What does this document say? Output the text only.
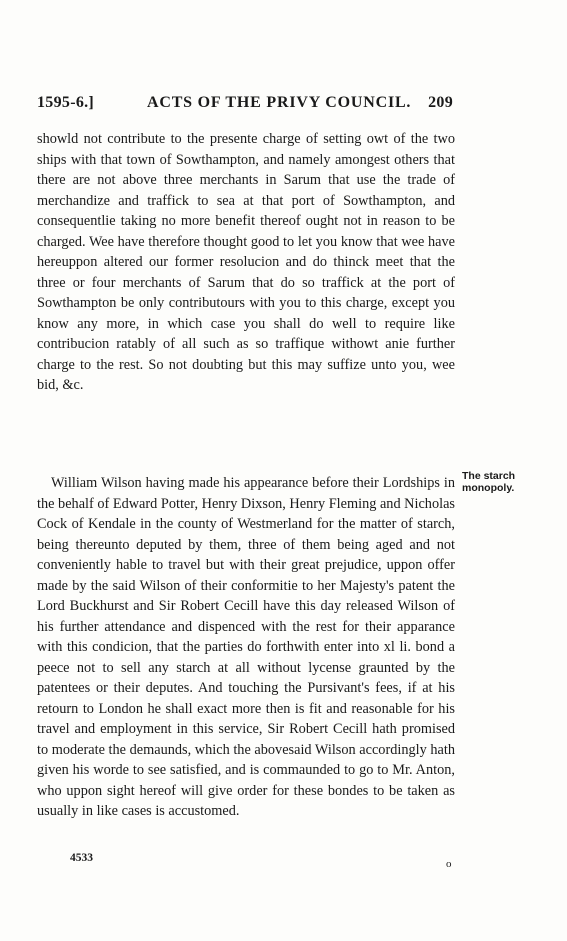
1595-6.]	ACTS OF THE PRIVY COUNCIL. 209

showld not contribute to the presente charge of setting owt of the two ships with that town of Sowthampton, and namely amongest others that there are not above three merchants in Sarum that use the trade of merchandize and traffick to sea at that port of Sowthampton, and consequentlie taking no more benefit thereof ought not in reason to be charged. Wee have therefore thought good to let you know that wee have hereuppon altered our former resolucion and do thinck meet that the three or four merchants of Sarum that do so traffick at the port of Sowthampton be only contributours with you to this charge, except you know any more, in which case you shall do well to require like contribucion ratably of all such as so traffique withowt anie further charge to the rest. So not doubting but this may suffize unto you, wee bid, &c.

William Wilson having made his appearance before their Lordships in the behalf of Edward Potter, Henry Dixson, Henry Fleming and Nicholas Cock of Kendale in the county of Westmerland for the matter of starch, being thereunto deputed by them, three of them being aged and not conveniently hable to travel but with their great prejudice, uppon offer made by the said Wilson of their conformitie to her Majesty's patent the Lord Buckhurst and Sir Robert Cecill have this day released Wilson of his further attendance and dispenced with the rest for their apparance with this condicion, that the parties do forthwith enter into xl li. bond a peece not to sell any starch at all without lycense graunted by the patentees or their deputes. And touching the Pursivant's fees, if at his retourn to London he shall exact more then is fit and reasonable for his travel and employment in this service, Sir Robert Cecill hath promised to moderate the demaunds, which the abovesaid Wilson accordingly hath given his worde to see satisfied, and is commaunded to go to Mr. Anton, who uppon sight hereof will give order for these bondes to be taken as usually in like cases is accustomed.

The starch monopoly.
4533	o
